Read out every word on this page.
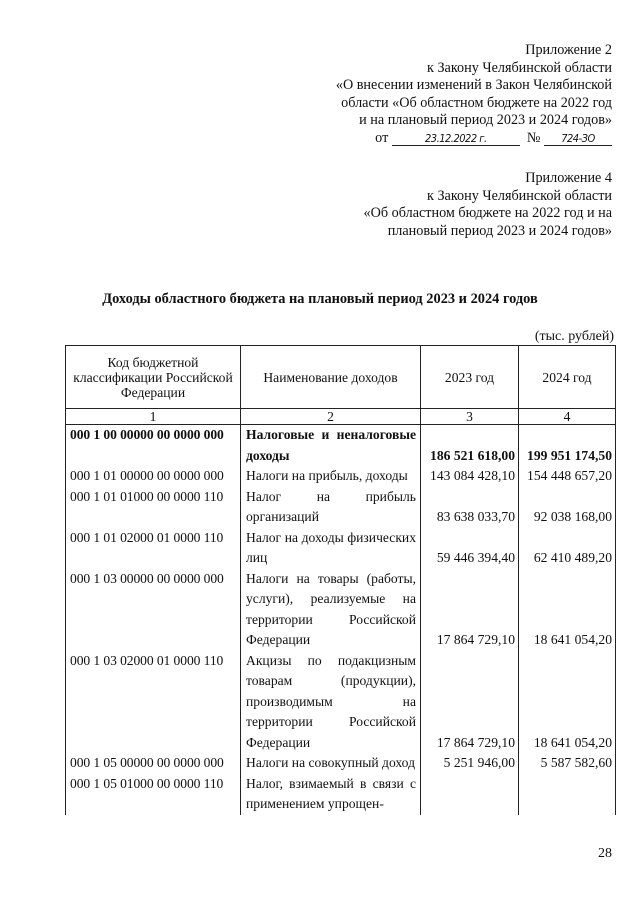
Приложение 2
к Закону Челябинской области
«О внесении изменений в Закон Челябинской
области «Об областном бюджете на 2022 год
и на плановый период 2023 и 2024 годов»
от	23.12.2022 г.	№ 724-ЗО
Приложение 4
к Закону Челябинской области
«Об областном бюджете на 2022 год и на
плановый период 2023 и 2024 годов»
Доходы областного бюджета на плановый период 2023 и 2024 годов
(тыс. рублей)
Код бюджетной классификации Российской Федерации	Наименование доходов	2023 год	2024 год
1	2	3	4
000 1 00 00000 00 0000 000	Налоговые и неналоговые доходы	186 521 618,00	199 951 174,50
000 1 01 00000 00 0000 000	Налоги на прибыль, доходы	143 084 428,10	154 448 657,20
000 1 01 01000 00 0000 110	Налог на прибыль организаций	83 638 033,70	92 038 168,00
000 1 01 02000 01 0000 110	Налог на доходы физических лиц	59 446 394,40	62 410 489,20
000 1 03 00000 00 0000 000	Налоги на товары (работы, услуги), реализуемые на территории Российской Федерации	17 864 729,10	18 641 054,20
000 1 03 02000 01 0000 110	Акцизы по подакцизным товарам (продукции), производимым на территории Российской Федерации	17 864 729,10	18 641 054,20
000 1 05 00000 00 0000 000	Налоги на совокупный доход	5 251 946,00	5 587 582,60
000 1 05 01000 00 0000 110	Налог, взимаемый в связи с применением упрощен-		
28
